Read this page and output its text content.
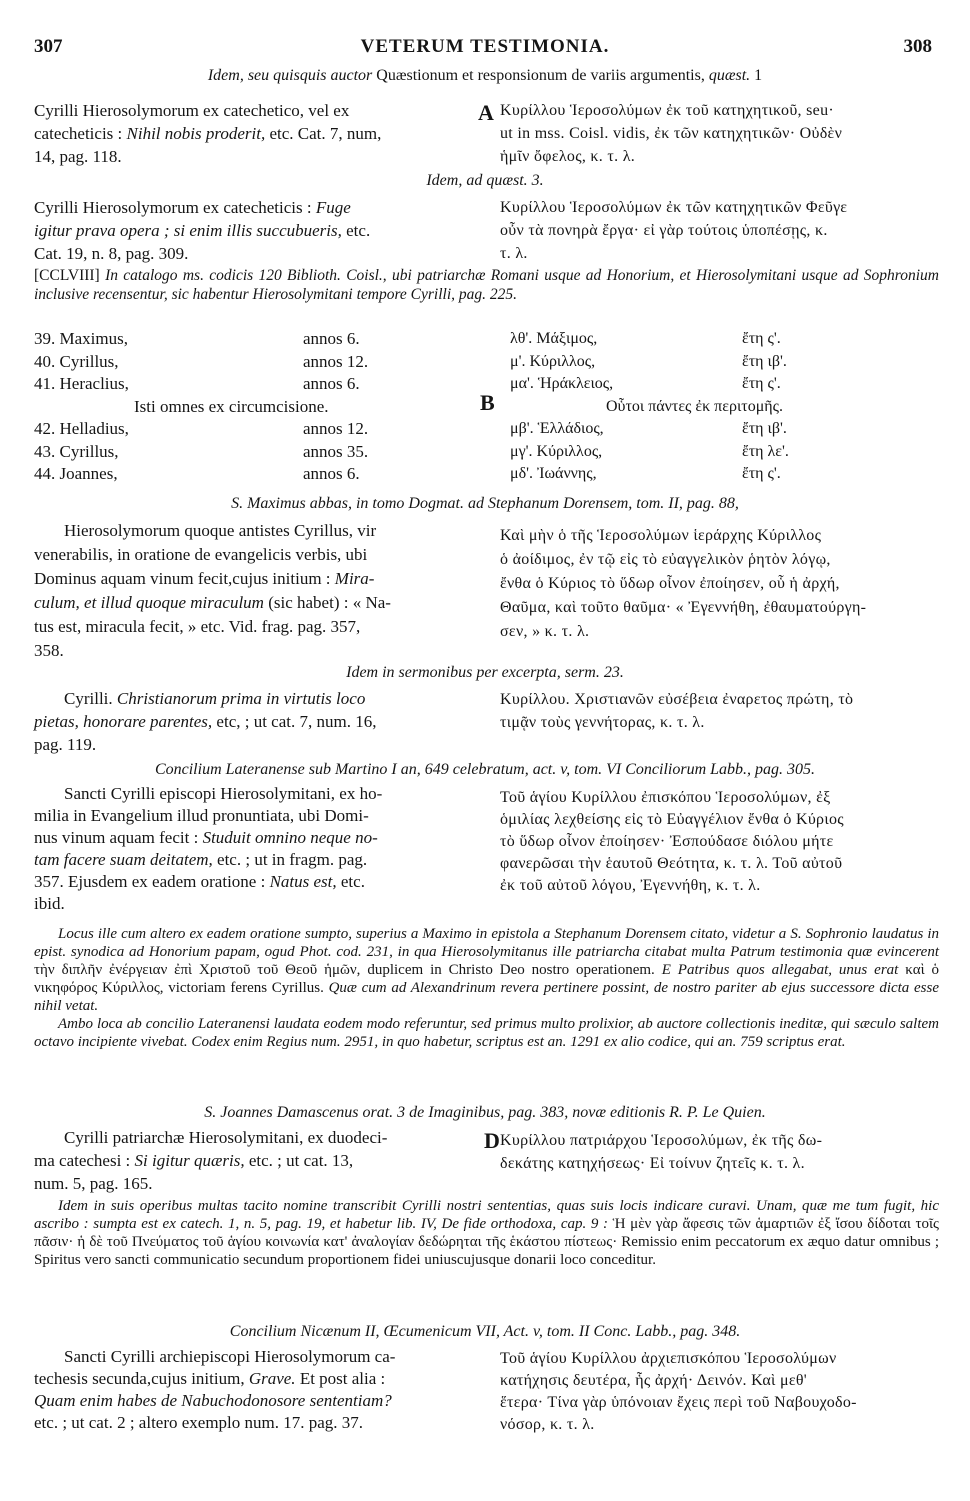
307	VETERUM TESTIMONIA.	308
Idem, seu quisquis auctor Quæstionum et responsionum de variis argumentis, quæst. 1
Cyrilli Hierosolymorum ex catechetico, vel ex
catecheticis : Nihil nobis proderit, etc. Cat. 7, num,
14, pag. 118.
A Κυρίλλου Ἱεροσολύμων ἐκ τοῦ κατηχητικοῦ, seu·
ut in mss. Coisl. vidis, ἐκ τῶν κατηχητικῶν· Οὐδὲν
ἡμῖν ὄφελος, κ. τ. λ.
Idem, ad quæst. 3.
Cyrilli Hierosolymorum ex catecheticis : Fuge
igitur prava opera ; si enim illis succubueris, etc.
Cat. 19, n. 8, pag. 309.
Κυρίλλου Ἱεροσολύμων ἐκ τῶν κατηχητικῶν Φεῦγε
οὖν τὰ πονηρὰ ἔργα· εἰ γὰρ τούτοις ὑποπέσῃς, κ.
τ. λ.
[CCLVIII] In catalogo ms. codicis 120 Biblioth. Coisl., ubi patriarchæ Romani usque ad Honorium, et Hierosolymitani usque ad Sophronium inclusive recensentur, sic habentur Hierosolymitani tempore Cyrilli, pag. 225.
39. Maximus,	annos 6.
40. Cyrillus,	annos 12.
41. Heraclius,	annos 6.
Isti omnes ex circumcisione.
42. Helladius,	annos 12.
43. Cyrillus,	annos 35.
44. Joannes,	annos 6.
B
λθ'. Μάξιμος,	ἔτη ς'.
μ'. Κύριλλος,	ἔτη ιβ'.
μα'. Ἡράκλειος,	ἔτη ς'.
Οὗτοι πάντες ἐκ περιτομῆς.
μβ'. Ἑλλάδιος,	ἔτη ιβ'.
μγ'. Κύριλλος,	ἔτη λε'.
μδ'. Ἰωάννης,	ἔτη ς'.
S. Maximus abbas, in tomo Dogmat. ad Stephanum Dorensem, tom. II, pag. 88,
Hierosolymorum quoque antistes Cyrillus, vir
venerabilis, in oratione de evangelicis verbis, ubi
Dominus aquam vinum fecit,cujus initium : Mira-
culum, et illud quoque miraculum (sic habet) : « Na-
tus est, miracula fecit, » etc. Vid. frag. pag. 357,
358.
Καὶ μὴν ὁ τῆς Ἱεροσολύμων ἱεράρχης Κύριλλος
ὁ ἀοίδιμος, ἐν τῷ εἰς τὸ εὐαγγελικὸν ῥητὸν λόγῳ,
ἔνθα ὁ Κύριος τὸ ὕδωρ οἶνον ἐποίησεν, οὗ ἡ ἀρχή,
Θαῦμα, καὶ τοῦτο θαῦμα· « Ἐγεννήθη, ἐθαυματούργη-
σεν, » κ. τ. λ.
Idem in sermonibus per excerpta, serm. 23.
Cyrilli. Christianorum prima in virtutis loco
pietas, honorare parentes, etc, ; ut cat. 7, num. 16,
pag. 119.
Κυρίλλου. Χριστιανῶν εὐσέβεια ἐναρετος πρώτη, τὸ
τιμᾷν τοὺς γεννήτορας, κ. τ. λ.
Concilium Lateranense sub Martino I an, 649 celebratum, act. v, tom. VI Conciliorum Labb., pag. 305.
Sancti Cyrilli episcopi Hierosolymitani, ex ho-
milia in Evangelium illud pronuntiata, ubi Domi-
nus vinum aquam fecit : Studuit omnino neque no-
tam facere suam deitatem, etc. ; ut in fragm. pag.
357. Ejusdem ex eadem oratione : Natus est, etc.
ibid.
Τοῦ ἁγίου Κυρίλλου ἐπισκόπου Ἱεροσολύμων, ἐξ
ὁμιλίας λεχθείσης εἰς τὸ Εὐαγγέλιον ἔνθα ὁ Κύριος
τὸ ὕδωρ οἶνον ἐποίησεν· Ἐσπούδασε διόλου μήτε
φανερῶσαι τὴν ἑαυτοῦ Θεότητα, κ. τ. λ. Τοῦ αὐτοῦ
ἐκ τοῦ αὐτοῦ λόγου, Ἐγεννήθη, κ. τ. λ.

Locus ille cum altero ex eadem oratione sumpto, superius a Maximo in epistola a Stephanum Dorensem citato, videtur a S. Sophronio laudatus in epist. synodica ad Honorium papam, ogud Phot. cod. 231, in qua Hierosolymitanus ille patriarcha citabat multa Patrum testimonia quæ evincerent τὴν διπλῆν ἐνέργειαν ἐπὶ Χριστοῦ τοῦ Θεοῦ ἡμῶν, duplicem in Christo Deo nostro operationem. E Patribus quos allegabat, unus erat καὶ ὁ νικηφόρος Κύριλλος, victoriam ferens Cyrillus. Quæ cum ad Alexandrinum revera pertinere possint, de nostro pariter ab ejus successore dicta esse nihil vetat.

Ambo loca ab concilio Lateranensi laudata eodem modo referuntur, sed primus multo prolixior, ab auctore collectionis ineditæ, qui sæculo saltem octavo incipiente vivebat. Codex enim Regius num. 2951, in quo habetur, scriptus est an. 1291 ex alio codice, qui an. 759 scriptus erat.

S. Joannes Damascenus orat. 3 de Imaginibus, pag. 383, novæ editionis R. P. Le Quien.
Cyrilli patriarchæ Hierosolymitani, ex duodeci-
ma catechesi : Si igitur quæris, etc. ; ut cat. 13,
num. 5, pag. 165.
D Κυρίλλου πατριάρχου Ἱεροσολύμων, ἐκ τῆς δω-
δεκάτης κατηχήσεως· Εἰ τοίνυν ζητεῖς κ. τ. λ.

Idem in suis operibus multas tacito nomine transcribit Cyrilli nostri sententias, quas suis locis indicare curavi. Unam, quæ me tum fugit, hic ascribo : sumpta est ex catech. 1, n. 5, pag. 19, et habetur lib. IV, De fide orthodoxa, cap. 9 : Ἡ μὲν γὰρ ἄφεσις τῶν ἁμαρτιῶν ἐξ ἴσου δίδοται τοῖς πᾶσιν· ἡ δὲ τοῦ Πνεύματος τοῦ ἁγίου κοινωνία κατ' ἀναλογίαν δεδώρηται τῆς ἑκάστου πίστεως· Remissio enim peccatorum ex æquo datur omnibus ; Spiritus vero sancti communicatio secundum proportionem fidei uniuscujusque donarii loco conceditur.

Concilium Nicænum II, Œcumenicum VII, Act. v, tom. II Conc. Labb., pag. 348.
Sancti Cyrilli archiepiscopi Hierosolymorum ca-
techesis secunda,cujus initium, Grave. Et post alia :
Quam enim habes de Nabuchodonosore sententiam?
etc. ; ut cat. 2 ; altero exemplo num. 17. pag. 37.
Τοῦ ἁγίου Κυρίλλου ἀρχιεπισκόπου Ἱεροσολύμων
κατήχησις δευτέρα, ἧς ἀρχή· Δεινόν. Καὶ μεθ'
ἕτερα· Τίνα γὰρ ὑπόνοιαν ἔχεις περὶ τοῦ Ναβουχοδο-
νόσορ, κ. τ. λ.
